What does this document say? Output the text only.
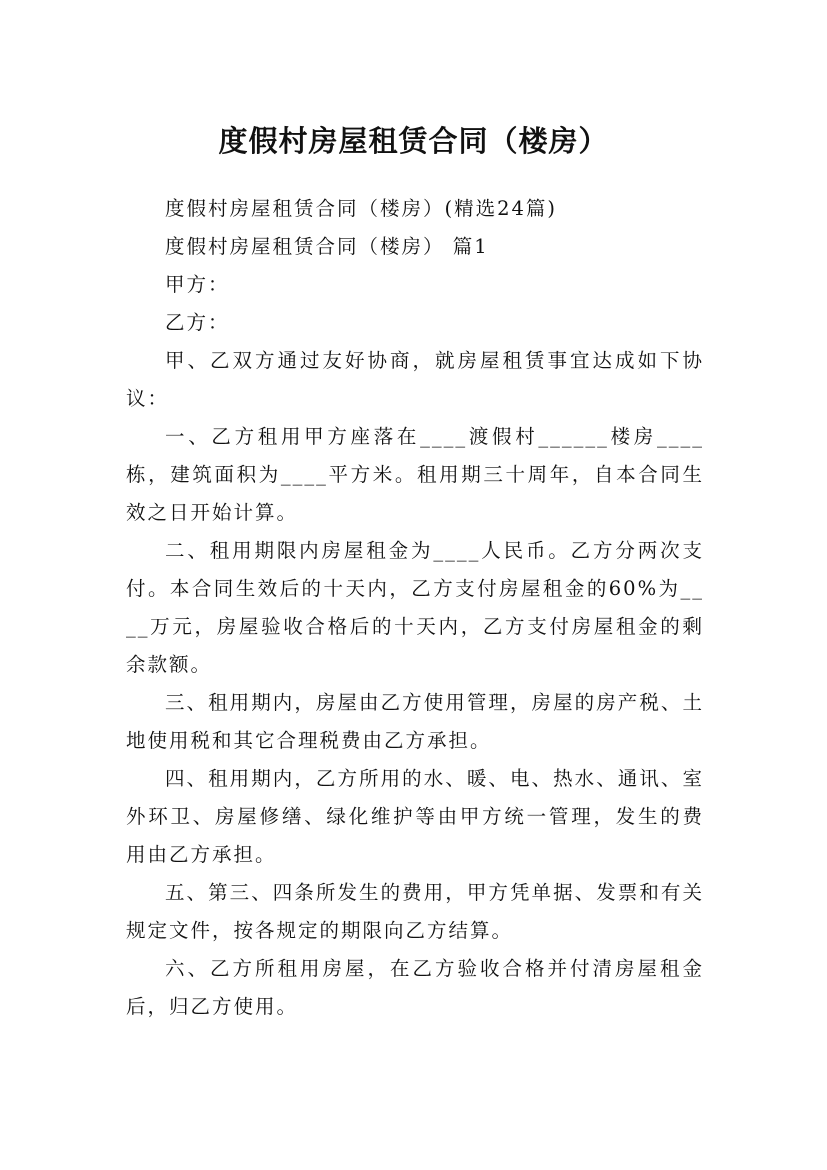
度假村房屋租赁合同（楼房）

度假村房屋租赁合同（楼房）(精选24篇)

度假村房屋租赁合同（楼房） 篇1

甲方：

乙方：

甲、乙双方通过友好协商，就房屋租赁事宜达成如下协议：

一、乙方租用甲方座落在____渡假村______楼房____栋，建筑面积为____平方米。租用期三十周年，自本合同生效之日开始计算。

二、租用期限内房屋租金为____人民币。乙方分两次支付。本合同生效后的十天内，乙方支付房屋租金的60%为____万元，房屋验收合格后的十天内，乙方支付房屋租金的剩余款额。

三、租用期内，房屋由乙方使用管理，房屋的房产税、土地使用税和其它合理税费由乙方承担。

四、租用期内，乙方所用的水、暖、电、热水、通讯、室外环卫、房屋修缮、绿化维护等由甲方统一管理，发生的费用由乙方承担。

五、第三、四条所发生的费用，甲方凭单据、发票和有关规定文件，按各规定的期限向乙方结算。

六、乙方所租用房屋，在乙方验收合格并付清房屋租金后，归乙方使用。
